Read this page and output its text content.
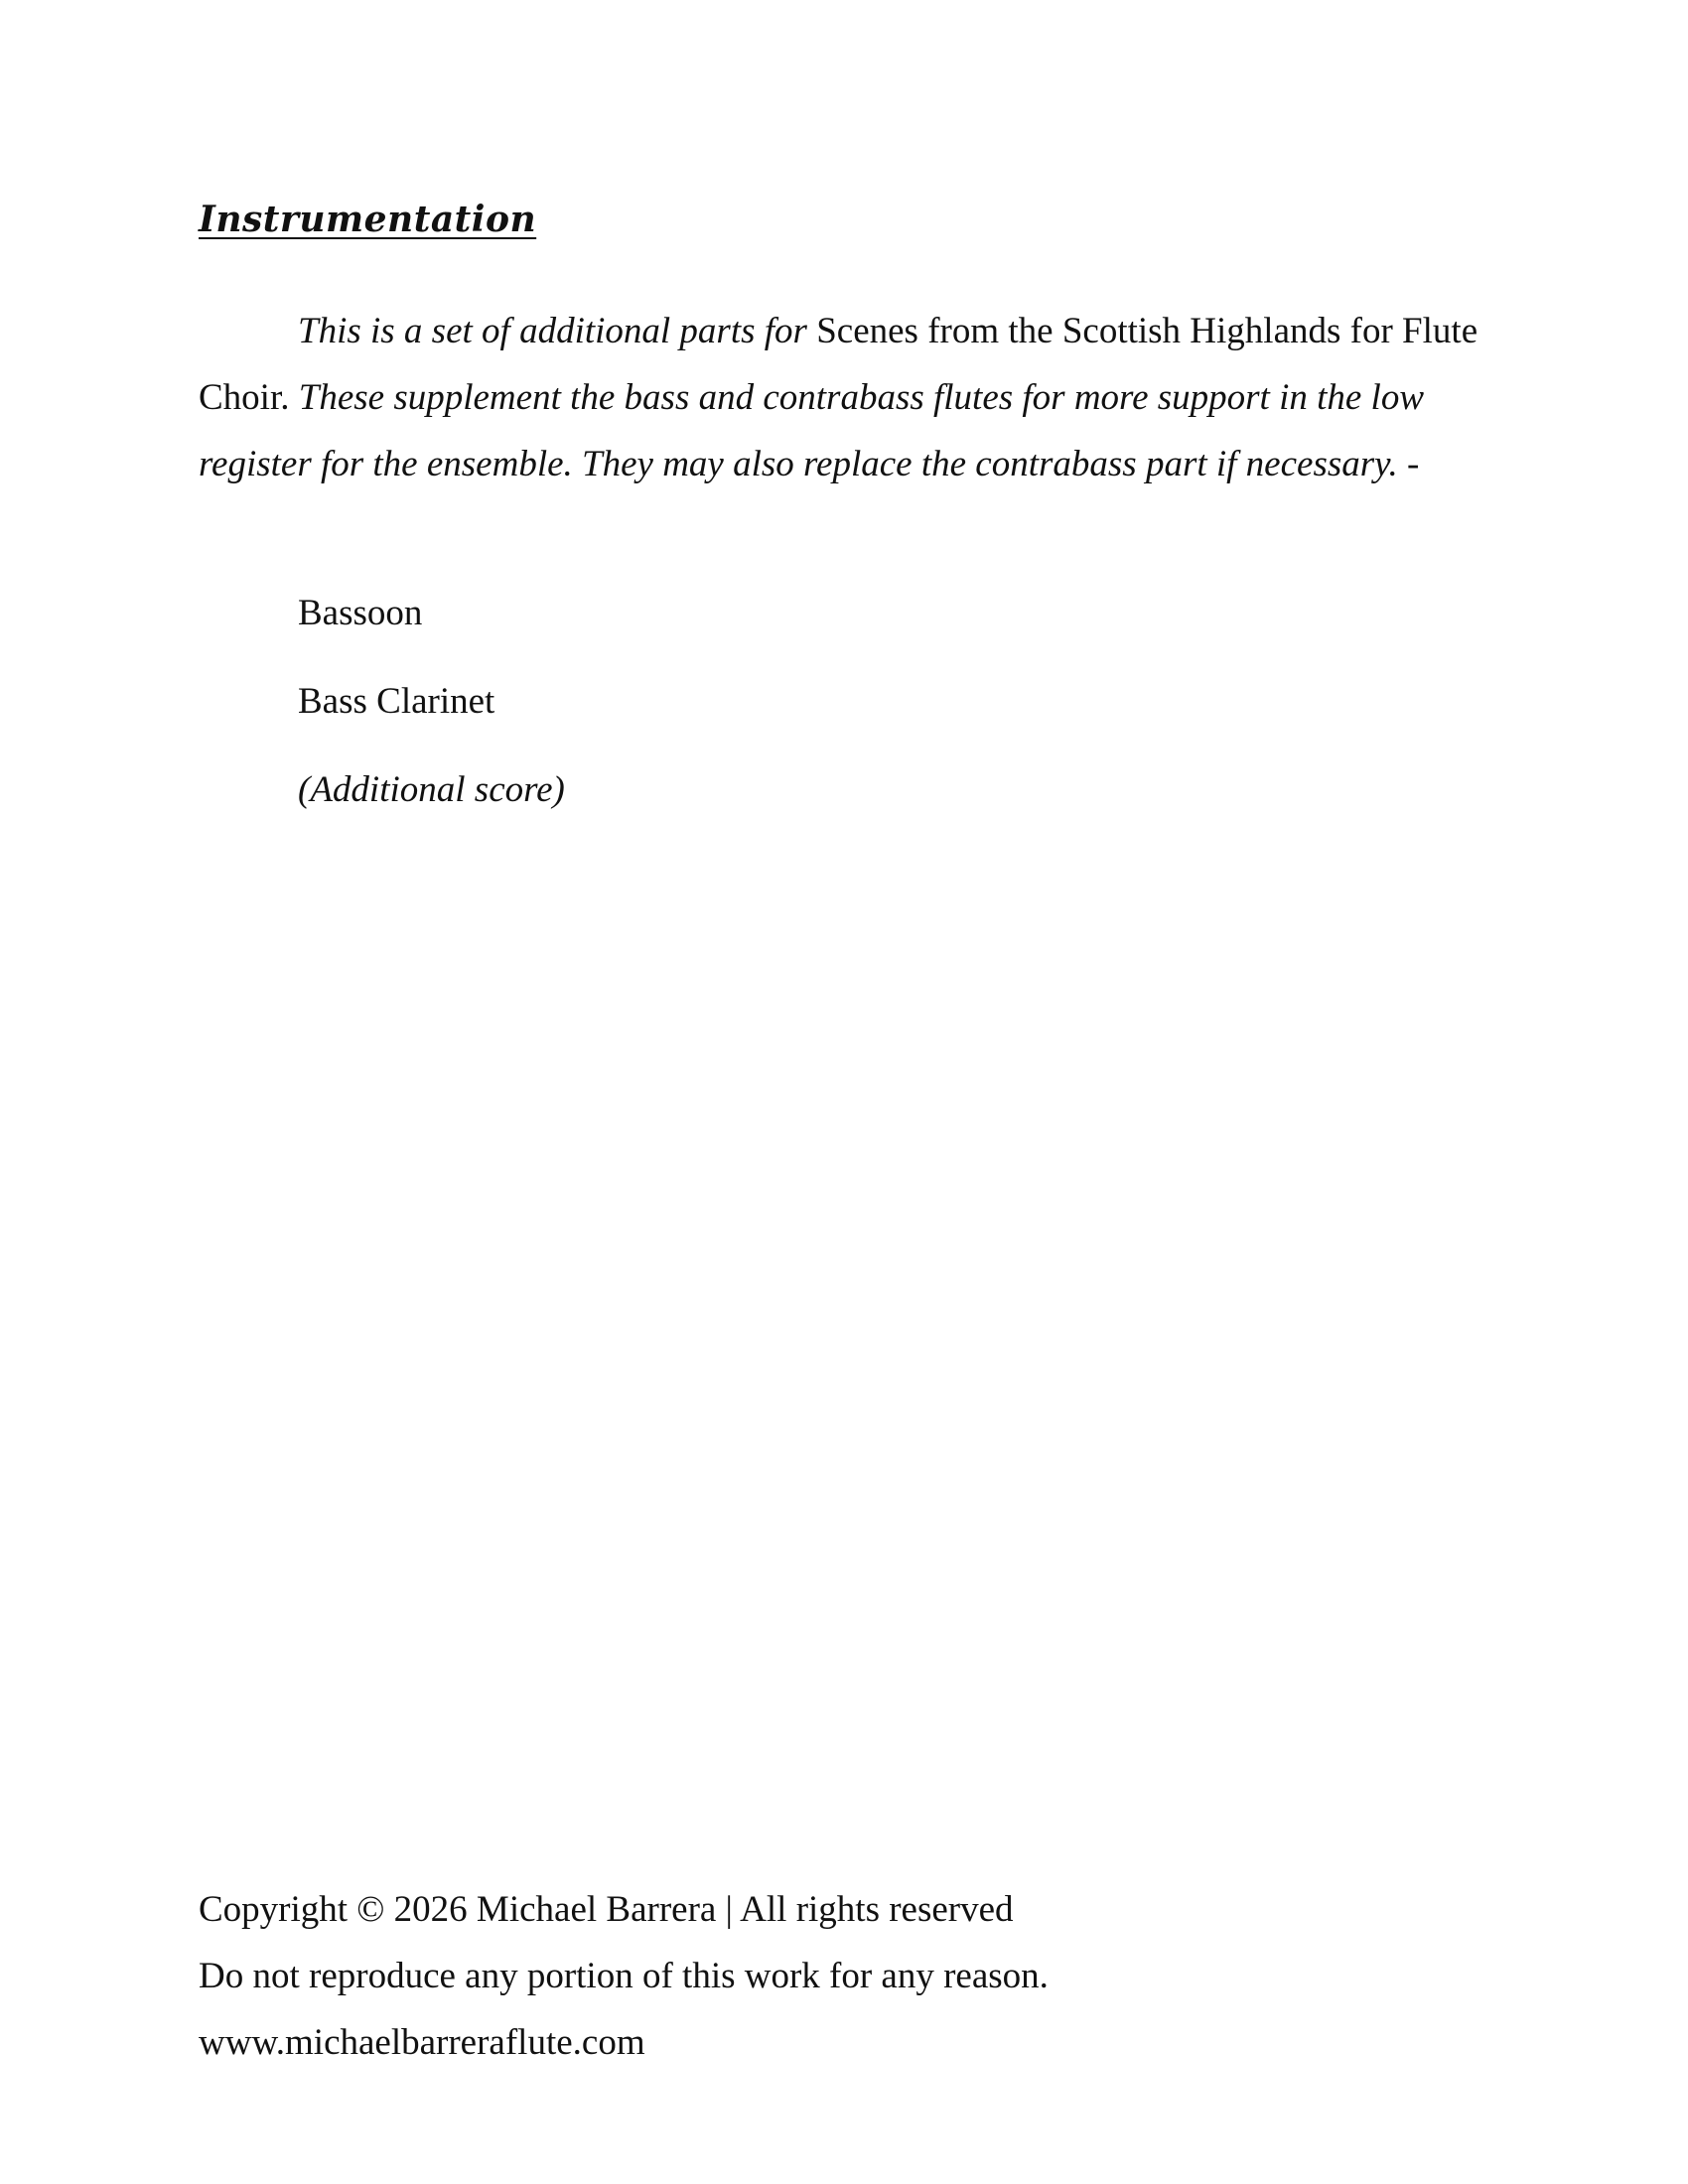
Instrumentation

This is a set of additional parts for Scenes from the Scottish Highlands for Flute Choir. These supplement the bass and contrabass flutes for more support in the low register for the ensemble. They may also replace the contrabass part if necessary. -

Bassoon
Bass Clarinet
(Additional score)

Copyright © 2026 Michael Barrera | All rights reserved

Do not reproduce any portion of this work for any reason.

www.michaelbarreraflute.com
